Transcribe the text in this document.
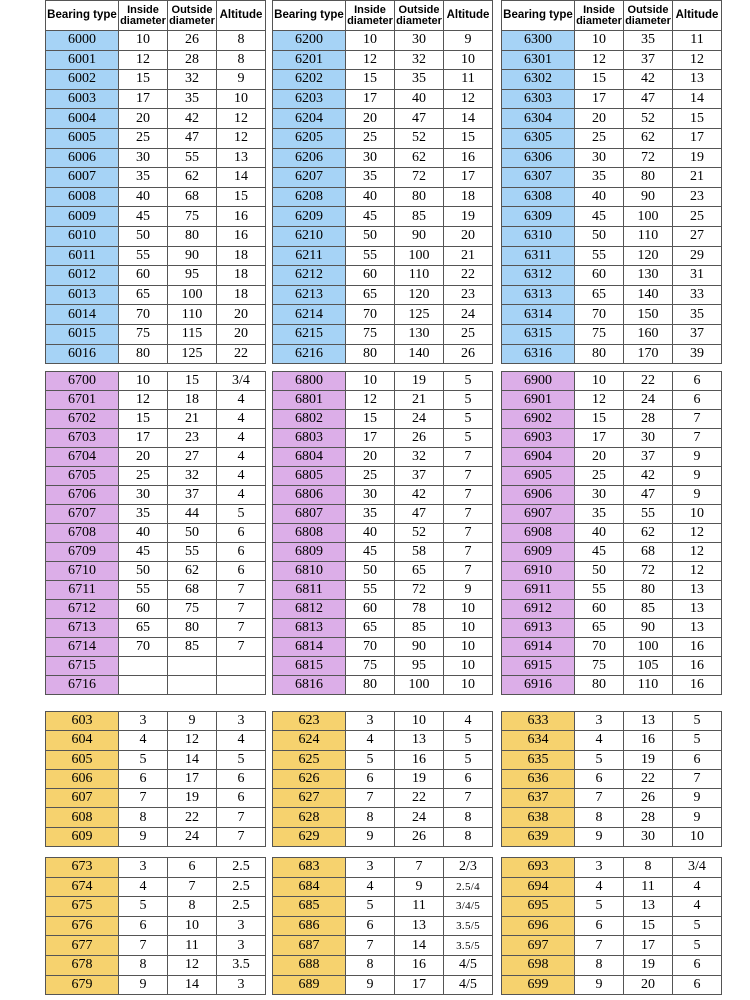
Bearing type	Inside diameter	Outside diameter	Altitude
6000	10	26	8
6001	12	28	8
6002	15	32	9
6003	17	35	10
6004	20	42	12
6005	25	47	12
6006	30	55	13
6007	35	62	14
6008	40	68	15
6009	45	75	16
6010	50	80	16
6011	55	90	18
6012	60	95	18
6013	65	100	18
6014	70	110	20
6015	75	115	20
6016	80	125	22
Bearing type	Inside diameter	Outside diameter	Altitude
6200	10	30	9
6201	12	32	10
6202	15	35	11
6203	17	40	12
6204	20	47	14
6205	25	52	15
6206	30	62	16
6207	35	72	17
6208	40	80	18
6209	45	85	19
6210	50	90	20
6211	55	100	21
6212	60	110	22
6213	65	120	23
6214	70	125	24
6215	75	130	25
6216	80	140	26
Bearing type	Inside diameter	Outside diameter	Altitude
6300	10	35	11
6301	12	37	12
6302	15	42	13
6303	17	47	14
6304	20	52	15
6305	25	62	17
6306	30	72	19
6307	35	80	21
6308	40	90	23
6309	45	100	25
6310	50	110	27
6311	55	120	29
6312	60	130	31
6313	65	140	33
6314	70	150	35
6315	75	160	37
6316	80	170	39
6700	10	15	3/4
6701	12	18	4
6702	15	21	4
6703	17	23	4
6704	20	27	4
6705	25	32	4
6706	30	37	4
6707	35	44	5
6708	40	50	6
6709	45	55	6
6710	50	62	6
6711	55	68	7
6712	60	75	7
6713	65	80	7
6714	70	85	7
6715			
6716			
6800	10	19	5
6801	12	21	5
6802	15	24	5
6803	17	26	5
6804	20	32	7
6805	25	37	7
6806	30	42	7
6807	35	47	7
6808	40	52	7
6809	45	58	7
6810	50	65	7
6811	55	72	9
6812	60	78	10
6813	65	85	10
6814	70	90	10
6815	75	95	10
6816	80	100	10
6900	10	22	6
6901	12	24	6
6902	15	28	7
6903	17	30	7
6904	20	37	9
6905	25	42	9
6906	30	47	9
6907	35	55	10
6908	40	62	12
6909	45	68	12
6910	50	72	12
6911	55	80	13
6912	60	85	13
6913	65	90	13
6914	70	100	16
6915	75	105	16
6916	80	110	16
603	3	9	3
604	4	12	4
605	5	14	5
606	6	17	6
607	7	19	6
608	8	22	7
609	9	24	7
623	3	10	4
624	4	13	5
625	5	16	5
626	6	19	6
627	7	22	7
628	8	24	8
629	9	26	8
633	3	13	5
634	4	16	5
635	5	19	6
636	6	22	7
637	7	26	9
638	8	28	9
639	9	30	10
673	3	6	2.5
674	4	7	2.5
675	5	8	2.5
676	6	10	3
677	7	11	3
678	8	12	3.5
679	9	14	3
683	3	7	2/3
684	4	9	2.5/4
685	5	11	3/4/5
686	6	13	3.5/5
687	7	14	3.5/5
688	8	16	4/5
689	9	17	4/5
693	3	8	3/4
694	4	11	4
695	5	13	4
696	6	15	5
697	7	17	5
698	8	19	6
699	9	20	6
